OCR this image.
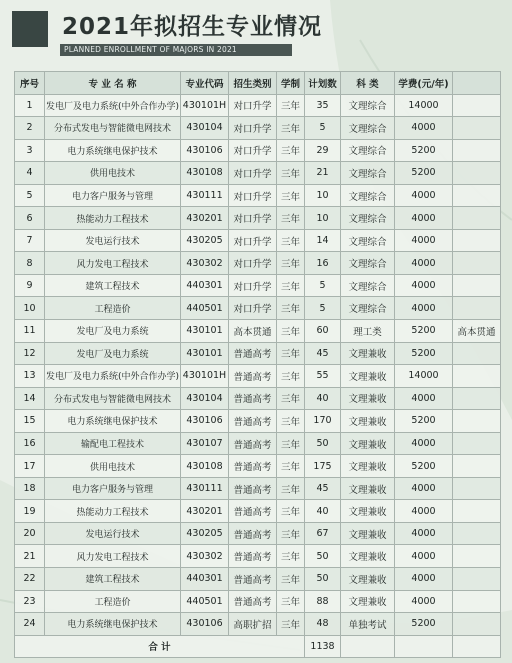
2021年拟招生专业情况
PLANNED ENROLLMENT OF MAJORS IN 2021
序号	专 业 名 称	专业代码	招生类别	学制	计划数	科 类	学费(元/年)	
1	发电厂及电力系统(中外合作办学)	430101H	对口升学	三年	35	文理综合	14000	
2	分布式发电与智能微电网技术	430104	对口升学	三年	5	文理综合	4000	
3	电力系统继电保护技术	430106	对口升学	三年	29	文理综合	5200	
4	供用电技术	430108	对口升学	三年	21	文理综合	5200	
5	电力客户服务与管理	430111	对口升学	三年	10	文理综合	4000	
6	热能动力工程技术	430201	对口升学	三年	10	文理综合	4000	
7	发电运行技术	430205	对口升学	三年	14	文理综合	4000	
8	风力发电工程技术	430302	对口升学	三年	16	文理综合	4000	
9	建筑工程技术	440301	对口升学	三年	5	文理综合	4000	
10	工程造价	440501	对口升学	三年	5	文理综合	4000	
11	发电厂及电力系统	430101	高本贯通	三年	60	理工类	5200	高本贯通
12	发电厂及电力系统	430101	普通高考	三年	45	文理兼收	5200	
13	发电厂及电力系统(中外合作办学)	430101H	普通高考	三年	55	文理兼收	14000	
14	分布式发电与智能微电网技术	430104	普通高考	三年	40	文理兼收	4000	
15	电力系统继电保护技术	430106	普通高考	三年	170	文理兼收	5200	
16	输配电工程技术	430107	普通高考	三年	50	文理兼收	4000	
17	供用电技术	430108	普通高考	三年	175	文理兼收	5200	
18	电力客户服务与管理	430111	普通高考	三年	45	文理兼收	4000	
19	热能动力工程技术	430201	普通高考	三年	40	文理兼收	4000	
20	发电运行技术	430205	普通高考	三年	67	文理兼收	4000	
21	风力发电工程技术	430302	普通高考	三年	50	文理兼收	4000	
22	建筑工程技术	440301	普通高考	三年	50	文理兼收	4000	
23	工程造价	440501	普通高考	三年	88	文理兼收	4000	
24	电力系统继电保护技术	430106	高职扩招	三年	48	单独考试	5200	
合 计					1138			
